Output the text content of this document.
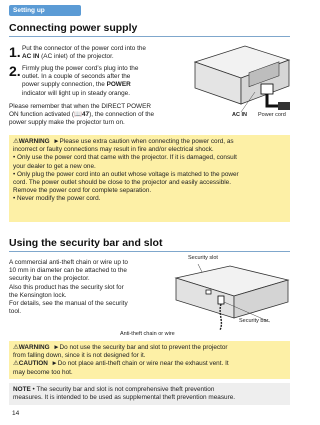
Setting up
Connecting power supply
1. Put the connector of the power cord into the
AC IN (AC inlet) of the projector.
2. Firmly plug the power cord’s plug into the
outlet. In a couple of seconds after the
power supply connection, the POWER
indicator will light up in steady orange.
Please remember that when the DIRECT POWER
ON function activated (📖47), the connection of the
power supply make the projector turn on.
AC IN Power cord
⚠WARNING ►Please use extra caution when connecting the power cord, as
incorrect or faulty connections may result in fire and/or electrical shock.
• Only use the power cord that came with the projector. If it is damaged, consult
your dealer to get a new one.
• Only plug the power cord into an outlet whose voltage is matched to the power
cord. The power outlet should be close to the projector and easily accessible.
Remove the power cord for complete separation.
• Never modify the power cord.
Using the security bar and slot
A commercial anti-theft chain or wire up to
10 mm in diameter can be attached to the
security bar on the projector.
Also this product has the security slot for
the Kensington lock.
For details, see the manual of the security
tool.
Security slot
Security bar
Anti-theft chain or wire
⚠WARNING ►Do not use the security bar and slot to prevent the projector
from falling down, since it is not designed for it.
⚠CAUTION ►Do not place anti-theft chain or wire near the exhaust vent. It
may become too hot.
NOTE • The security bar and slot is not comprehensive theft prevention
measures. It is intended to be used as supplemental theft prevention measure.
14
